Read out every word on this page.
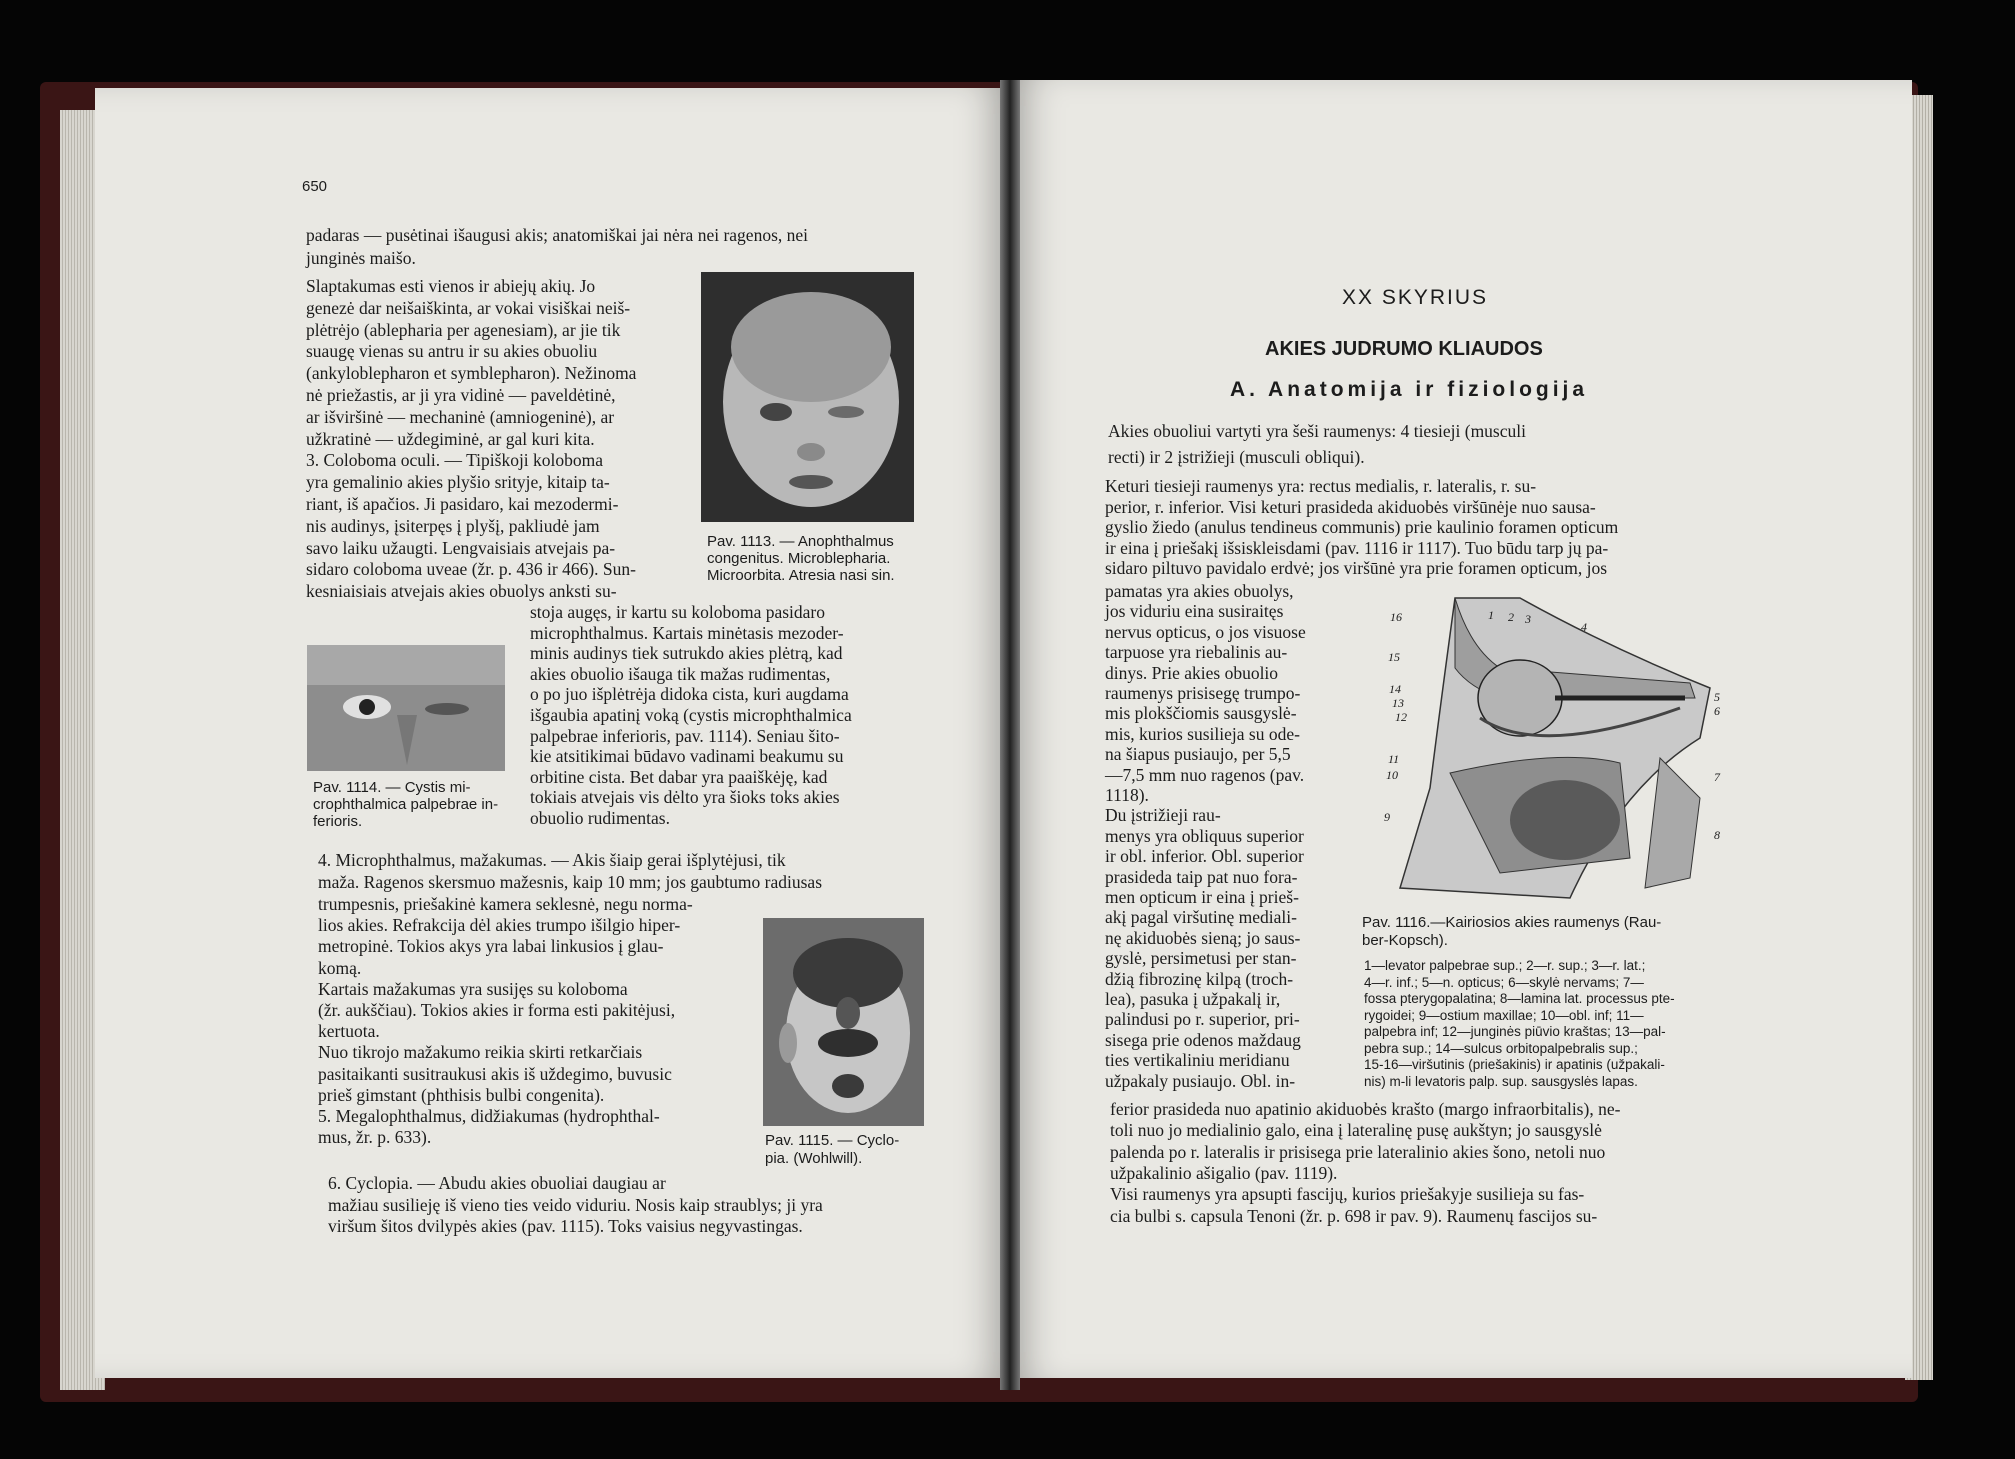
650
padaras — pusėtinai išaugusi akis; anatomiškai jai nėra nei ragenos, nei
junginės maišo.
Slaptakumas esti vienos ir abiejų akių. Jo
genezė dar neišaiškinta, ar vokai visiškai neiš-
plėtrėjo (ablepharia per agenesiam), ar jie tik
suaugę vienas su antru ir su akies obuoliu
(ankyloblepharon et symblepharon). Nežinoma
nė priežastis, ar ji yra vidinė — paveldėtinė,
ar išviršinė — mechaninė (amniogeninė), ar
užkratinė — uždegiminė, ar gal kuri kita.
3. Coloboma oculi. — Tipiškoji koloboma
yra gemalinio akies plyšio srityje, kitaip ta-
riant, iš apačios. Ji pasidaro, kai mezodermi-
nis audinys, įsiterpęs į plyšį, pakliudė jam
savo laiku užaugti. Lengvaisiais atvejais pa-
sidaro coloboma uveae (žr. p. 436 ir 466). Sun-
kesniaisiais atvejais akies obuolys anksti su-
stoja augęs, ir kartu su koloboma pasidaro
microphthalmus. Kartais minėtasis mezoder-
minis audinys tiek sutrukdo akies plėtrą, kad
akies obuolio išauga tik mažas rudimentas,
o po juo išplėtrėja didoka cista, kuri augdama
išgaubia apatinį voką (cystis microphthalmica
palpebrae inferioris, pav. 1114). Seniau šito-
kie atsitikimai būdavo vadinami beakumu su
orbitine cista. Bet dabar yra paaiškėję, kad
tokiais atvejais vis dėlto yra šioks toks akies
obuolio rudimentas.
4. Microphthalmus, mažakumas. — Akis šiaip gerai išplytėjusi, tik
maža. Ragenos skersmuo mažesnis, kaip 10 mm; jos gaubtumo radiusas
trumpesnis, priešakinė kamera seklesnė, negu norma-
lios akies. Refrakcija dėl akies trumpo išilgio hiper-
metropinė. Tokios akys yra labai linkusios į glau-
komą.
Kartais mažakumas yra susijęs su koloboma
(žr. aukščiau). Tokios akies ir forma esti pakitėjusi,
kertuota.
Nuo tikrojo mažakumo reikia skirti retkarčiais
pasitaikanti susitraukusi akis iš uždegimo, buvusic
prieš gimstant (phthisis bulbi congenita).
5. Megalophthalmus, didžiakumas (hydrophthal-
mus, žr. p. 633).
6. Cyclopia. — Abudu akies obuoliai daugiau ar
mažiau susilieję iš vieno ties veido viduriu. Nosis kaip straublys; ji yra
viršum šitos dvilypės akies (pav. 1115). Toks vaisius negyvastingas.
Pav. 1113. — Anophthalmus
congenitus. Microblepharia.
Microorbita. Atresia nasi sin.
Pav. 1114. — Cystis mi-
crophthalmica palpebrae in-
ferioris.
Pav. 1115. — Cyclo-
pia. (Wohlwill).
XX SKYRIUS
AKIES JUDRUMO KLIAUDOS
A. Anatomija ir fiziologija
Akies obuoliui vartyti yra šeši raumenys: 4 tiesieji (musculi
recti) ir 2 įstrižieji (musculi obliqui).
Keturi tiesieji raumenys yra: rectus medialis, r. lateralis, r. su-
perior, r. inferior. Visi keturi prasideda akiduobės viršūnėje nuo sausa-
gyslio žiedo (anulus tendineus communis) prie kaulinio foramen opticum
ir eina į priešakį išsiskleisdami (pav. 1116 ir 1117). Tuo būdu tarp jų pa-
sidaro piltuvo pavidalo erdvė; jos viršūnė yra prie foramen opticum, jos
pamatas yra akies obuolys,
jos viduriu eina susiraitęs
nervus opticus, o jos visuose
tarpuose yra riebalinis au-
dinys. Prie akies obuolio
raumenys prisisegę trumpo-
mis plokščiomis sausgyslė-
mis, kurios susilieja su ode-
na šiapus pusiaujo, per 5,5
—7,5 mm nuo ragenos (pav.
1118).
Du įstrižieji rau-
menys yra obliquus superior
ir obl. inferior. Obl. superior
prasideda taip pat nuo fora-
men opticum ir eina į prieš-
akį pagal viršutinę mediali-
nę akiduobės sieną; jo saus-
gyslė, persimetusi per stan-
džią fibrozinę kilpą (troch-
lea), pasuka į užpakalį ir,
palindusi po r. superior, pri-
sisega prie odenos maždaug
ties vertikaliniu meridianu
užpakaly pusiaujo. Obl. in-
ferior prasideda nuo apatinio akiduobės krašto (margo infraorbitalis), ne-
toli nuo jo medialinio galo, eina į lateralinę pusę aukštyn; jo sausgyslė
palenda po r. lateralis ir prisisega prie lateralinio akies šono, netoli nuo
užpakalinio ašigalio (pav. 1119).
Visi raumenys yra apsupti fascijų, kurios priešakyje susilieja su fas-
cia bulbi s. capsula Tenoni (žr. p. 698 ir pav. 9). Raumenų fascijos su-
16	1 2 3
4
15
14
13
12
5
6
11
10	7
9
8
Pav. 1116.—Kairiosios akies raumenys (Rau-
ber-Kopsch).
1—levator palpebrae sup.; 2—r. sup.; 3—r. lat.;
4—r. inf.; 5—n. opticus; 6—skylė nervams; 7—
fossa pterygopalatina; 8—lamina lat. processus pte-
rygoidei; 9—ostium maxillae; 10—obl. inf; 11—
palpebra inf; 12—junginės piūvio kraštas; 13—pal-
pebra sup.; 14—sulcus orbitopalpebralis sup.;
15-16—viršutinis (priešakinis) ir apatinis (užpakali-
nis) m-li levatoris palp. sup. sausgyslės lapas.
